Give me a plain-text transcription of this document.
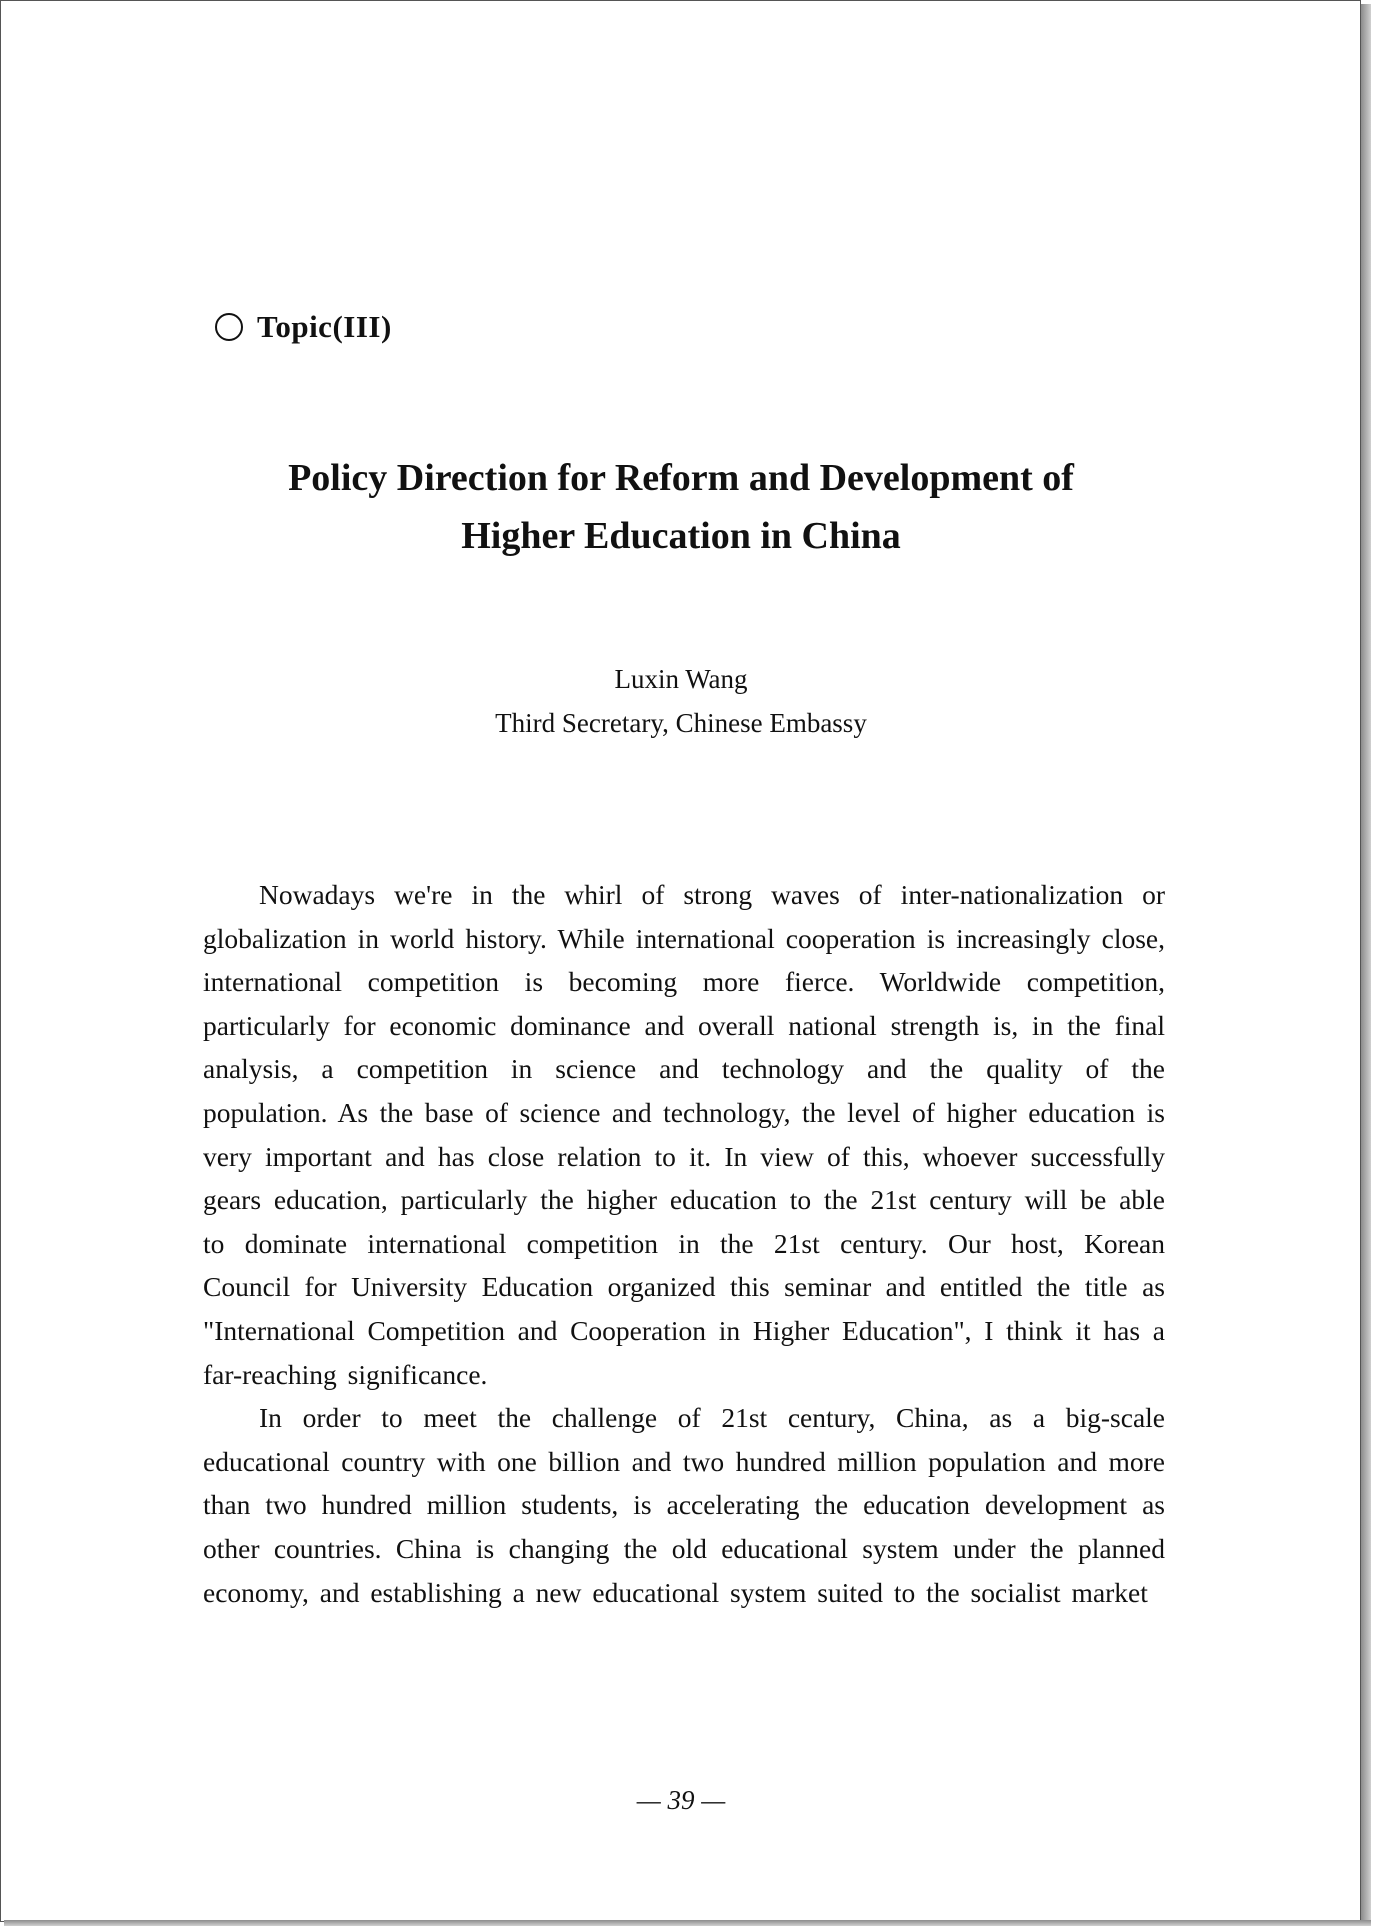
Topic(III)
Policy Direction for Reform and Development of
Higher Education in China
Luxin Wang
Third Secretary, Chinese Embassy

Nowadays we're in the whirl of strong waves of inter-nationalization or globalization in world history. While international cooperation is increasingly close, international competition is becoming more fierce. Worldwide competition, particularly for economic dominance and overall national strength is, in the final analysis, a competition in science and technology and the quality of the population. As the base of science and technology, the level of higher education is very important and has close relation to it. In view of this, whoever successfully gears education, particularly the higher education to the 21st century will be able to dominate international competition in the 21st century. Our host, Korean Council for University Education organized this seminar and entitled the title as "International Competition and Cooperation in Higher Education", I think it has a far-reaching significance.

In order to meet the challenge of 21st century, China, as a big-scale educational country with one billion and two hundred million population and more than two hundred million students, is accelerating the education development as other countries. China is changing the old educational system under the planned economy, and establishing a new educational system suited to the socialist market

— 39 —
